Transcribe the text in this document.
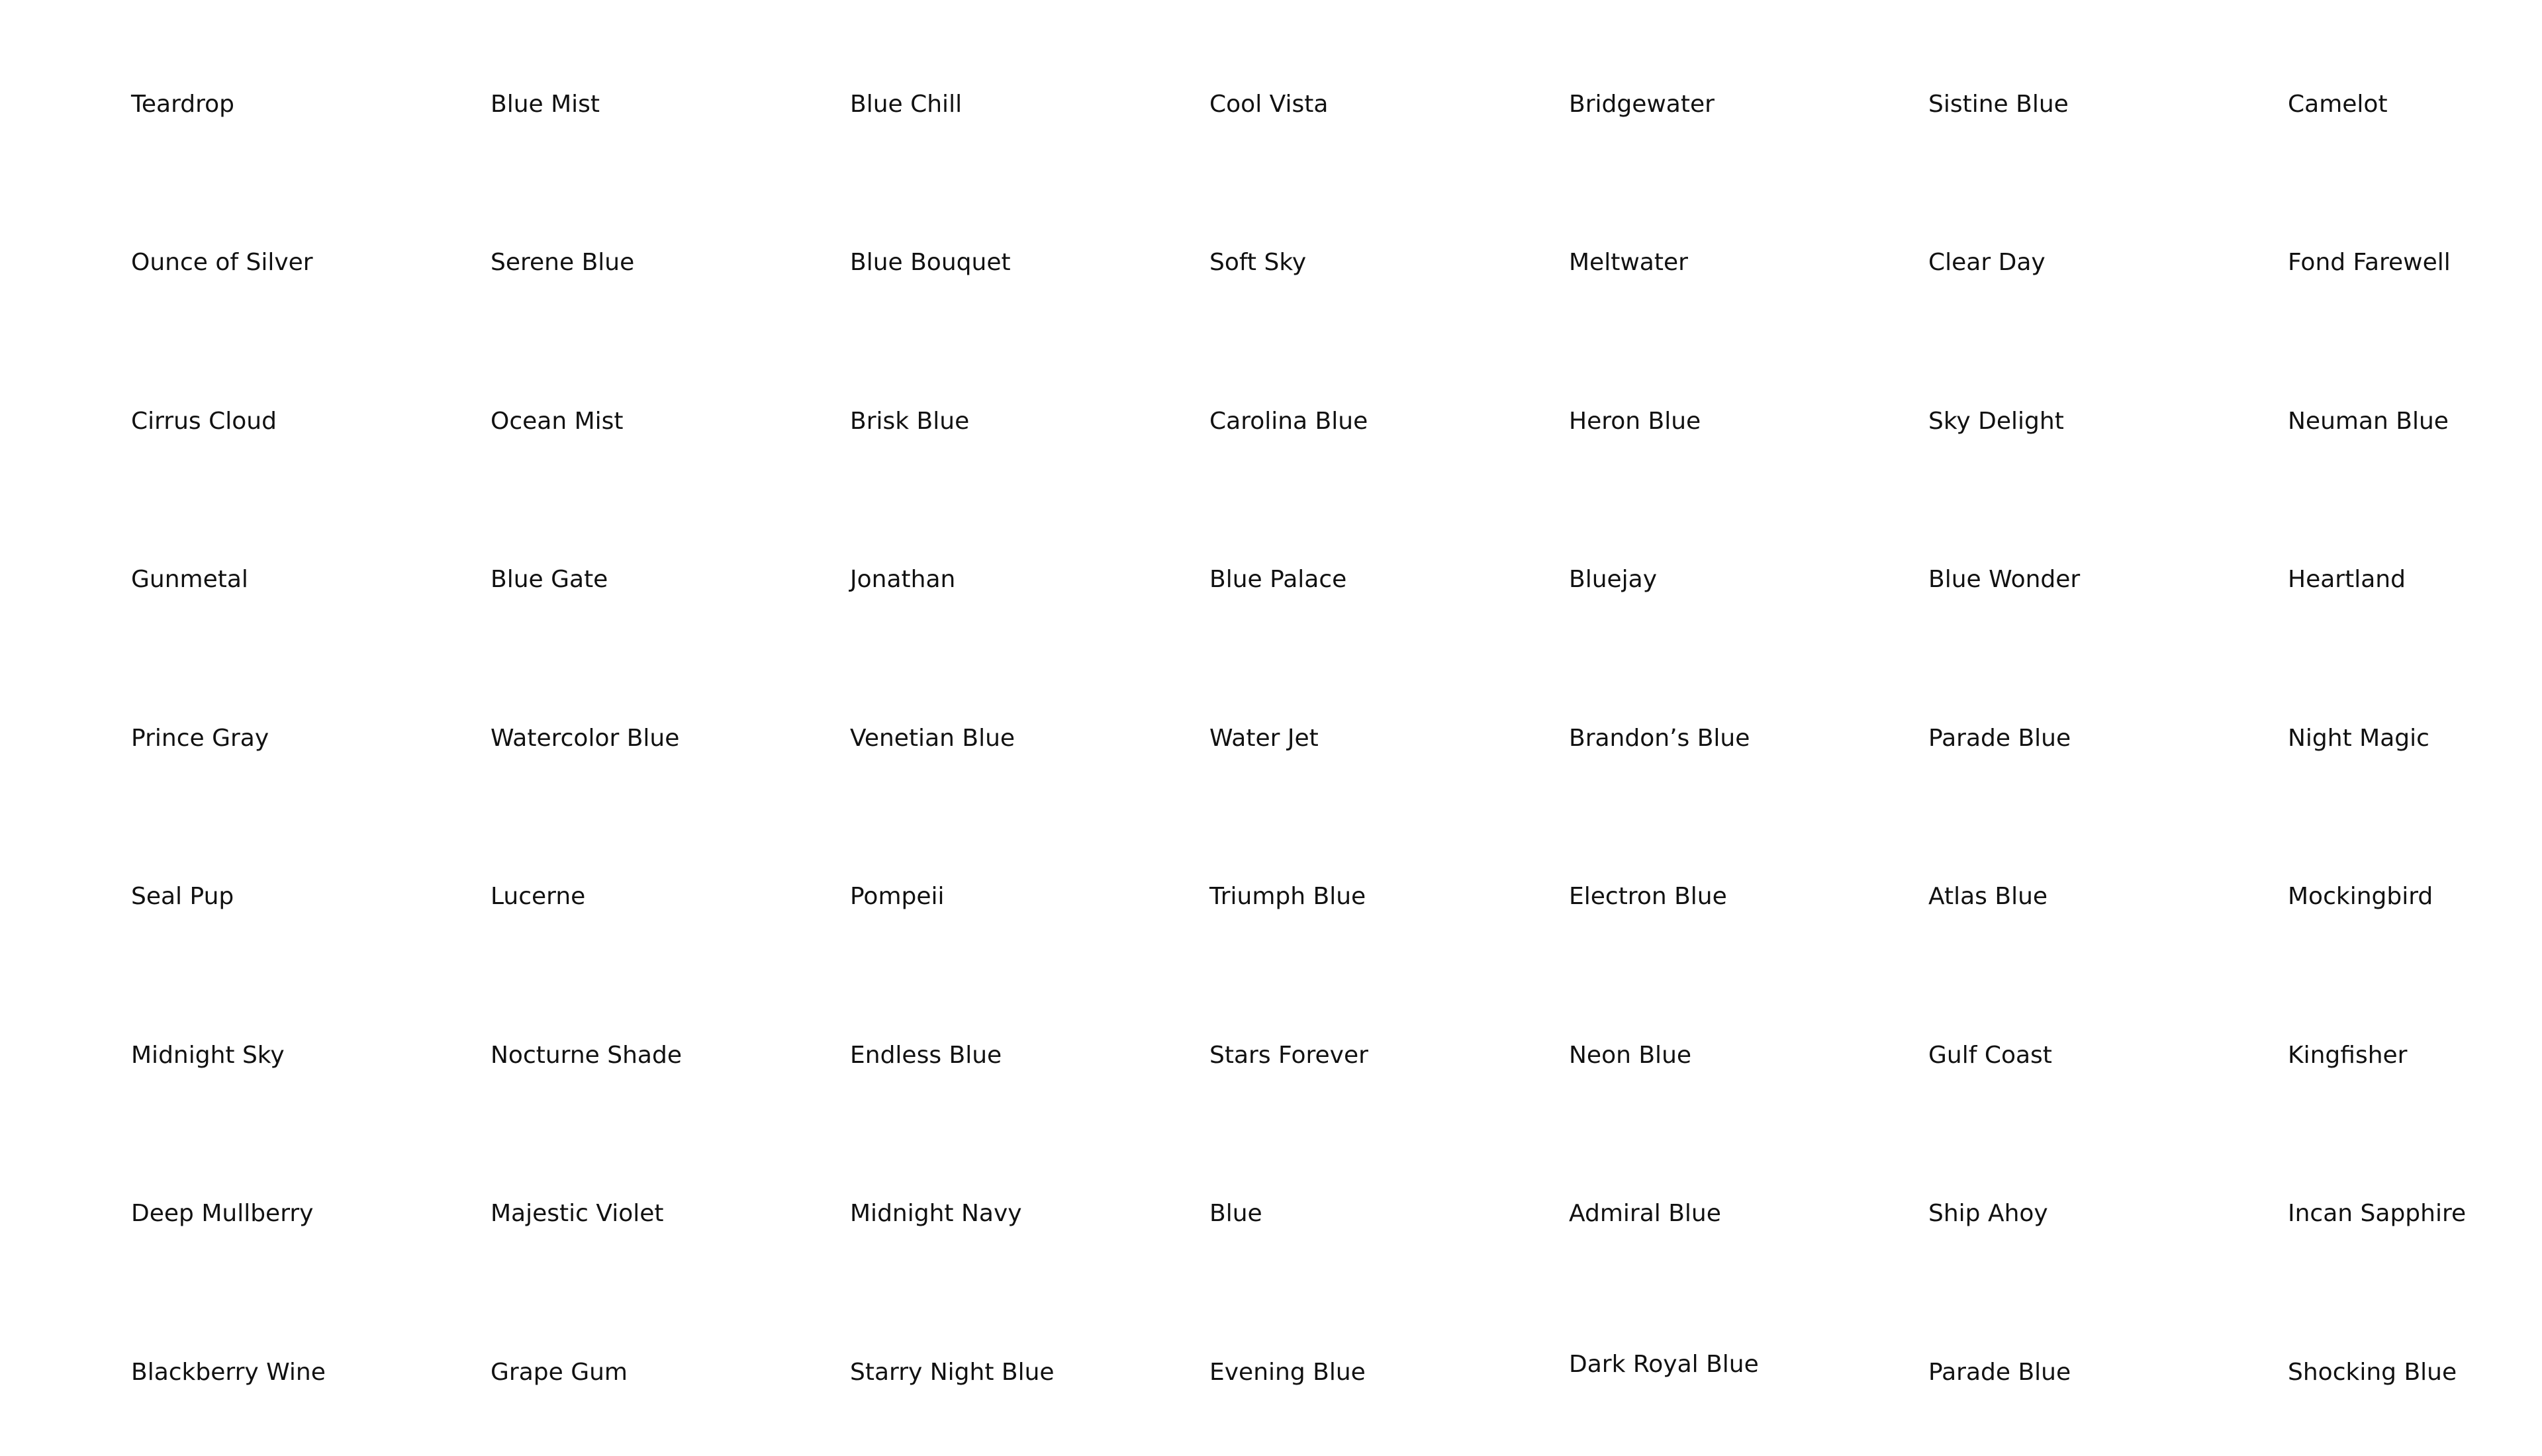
Teardrop	Blue Mist	Blue Chill	Cool Vista	Bridgewater	Sistine Blue	Camelot
Ounce of Silver	Serene Blue	Blue Bouquet	Soft Sky	Meltwater	Clear Day	Fond Farewell
Cirrus Cloud	Ocean Mist	Brisk Blue	Carolina Blue	Heron Blue	Sky Delight	Neuman Blue
Gunmetal	Blue Gate	Jonathan	Blue Palace	Bluejay	Blue Wonder	Heartland
Prince Gray	Watercolor Blue	Venetian Blue	Water Jet	Brandon’s Blue	Parade Blue	Night Magic
Seal Pup	Lucerne	Pompeii	Triumph Blue	Electron Blue	Atlas Blue	Mockingbird
Midnight Sky	Nocturne Shade	Endless Blue	Stars Forever	Neon Blue	Gulf Coast	Kingfisher
Deep Mullberry	Majestic Violet	Midnight Navy	Blue	Admiral Blue	Ship Ahoy	Incan Sapphire
Blackberry Wine	Grape Gum	Starry Night Blue	Evening Blue	Dark Royal Blue	Parade Blue	Shocking Blue
